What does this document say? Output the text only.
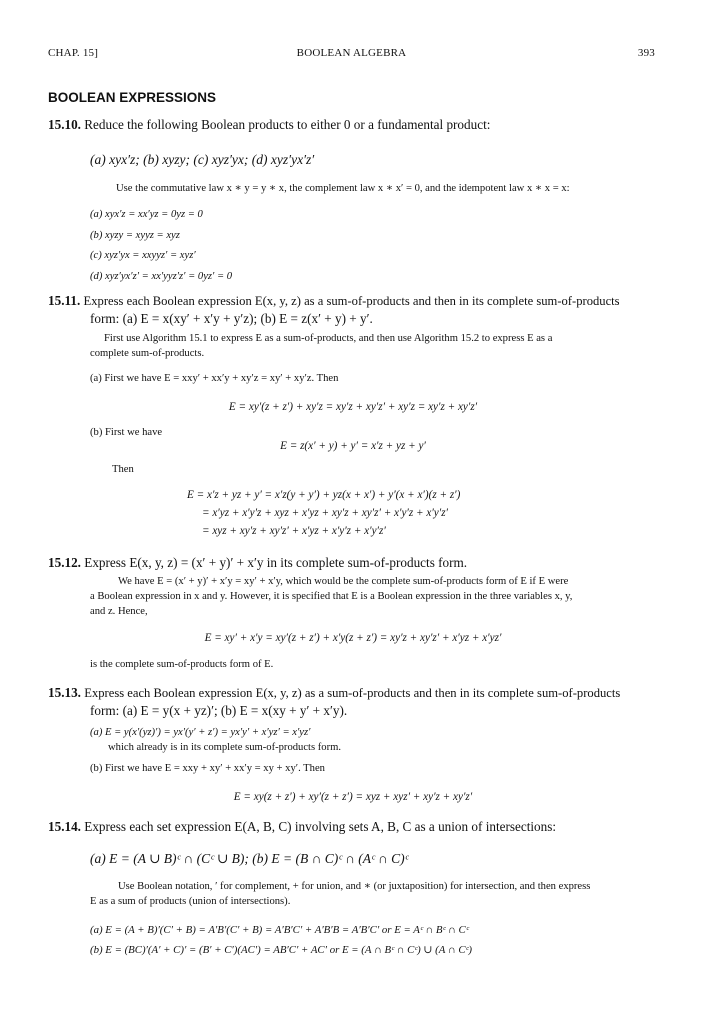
CHAP. 15]	BOOLEAN ALGEBRA	393
BOOLEAN EXPRESSIONS
15.10. Reduce the following Boolean products to either 0 or a fundamental product:
(a) xyx′z; (b) xyzy; (c) xyz′yx; (d) xyz′yx′z′
Use the commutative law x ∗ y = y ∗ x, the complement law x ∗ x′ = 0, and the idempotent law x ∗ x = x:
(a) xyx′z = xx′yz = 0yz = 0
(b) xyzy = xyyz = xyz
(c) xyz′yx = xxyyz′ = xyz′
(d) xyz′yx′z′ = xx′yyz′z′ = 0yz′ = 0
15.11. Express each Boolean expression E(x, y, z) as a sum-of-products and then in its complete sum-of-products
form: (a) E = x(xy′ + x′y + y′z); (b) E = z(x′ + y) + y′.
First use Algorithm 15.1 to express E as a sum-of-products, and then use Algorithm 15.2 to express E as a
complete sum-of-products.
(a) First we have E = xxy′ + xx′y + xy′z = xy′ + xy′z. Then
E = xy′(z + z′) + xy′z = xy′z + xy′z′ + xy′z = xy′z + xy′z′
(b) First we have
E = z(x′ + y) + y′ = x′z + yz + y′
Then
E = x′z + yz + y′ = x′z(y + y′) + yz(x + x′) + y′(x + x′)(z + z′)
= x′yz + x′y′z + xyz + x′yz + xy′z + xy′z′ + x′y′z + x′y′z′
= xyz + xy′z + xy′z′ + x′yz + x′y′z + x′y′z′
15.12. Express E(x, y, z) = (x′ + y)′ + x′y in its complete sum-of-products form.
We have E = (x′ + y)′ + x′y = xy′ + x′y, which would be the complete sum-of-products form of E if E were
a Boolean expression in x and y. However, it is specified that E is a Boolean expression in the three variables x, y,
and z. Hence,
E = xy′ + x′y = xy′(z + z′) + x′y(z + z′) = xy′z + xy′z′ + x′yz + x′yz′
is the complete sum-of-products form of E.
15.13. Express each Boolean expression E(x, y, z) as a sum-of-products and then in its complete sum-of-products
form: (a) E = y(x + yz)′; (b) E = x(xy + y′ + x′y).
(a) E = y(x′(yz)′) = yx′(y′ + z′) = yx′y′ + x′yz′ = x′yz′
which already is in its complete sum-of-products form.
(b) First we have E = xxy + xy′ + xx′y = xy + xy′. Then
E = xy(z + z′) + xy′(z + z′) = xyz + xyz′ + xy′z + xy′z′
15.14. Express each set expression E(A, B, C) involving sets A, B, C as a union of intersections:
(a) E = (A ∪ B)ᶜ ∩ (Cᶜ ∪ B); (b) E = (B ∩ C)ᶜ ∩ (Aᶜ ∩ C)ᶜ
Use Boolean notation, ′ for complement, + for union, and ∗ (or juxtaposition) for intersection, and then express
E as a sum of products (union of intersections).
(a) E = (A + B)′(C′ + B) = A′B′(C′ + B) = A′B′C′ + A′B′B = A′B′C′ or E = Aᶜ ∩ Bᶜ ∩ Cᶜ
(b) E = (BC)′(A′ + C)′ = (B′ + C′)(AC′) = AB′C′ + AC′ or E = (A ∩ Bᶜ ∩ Cᶜ) ∪ (A ∩ Cᶜ)
